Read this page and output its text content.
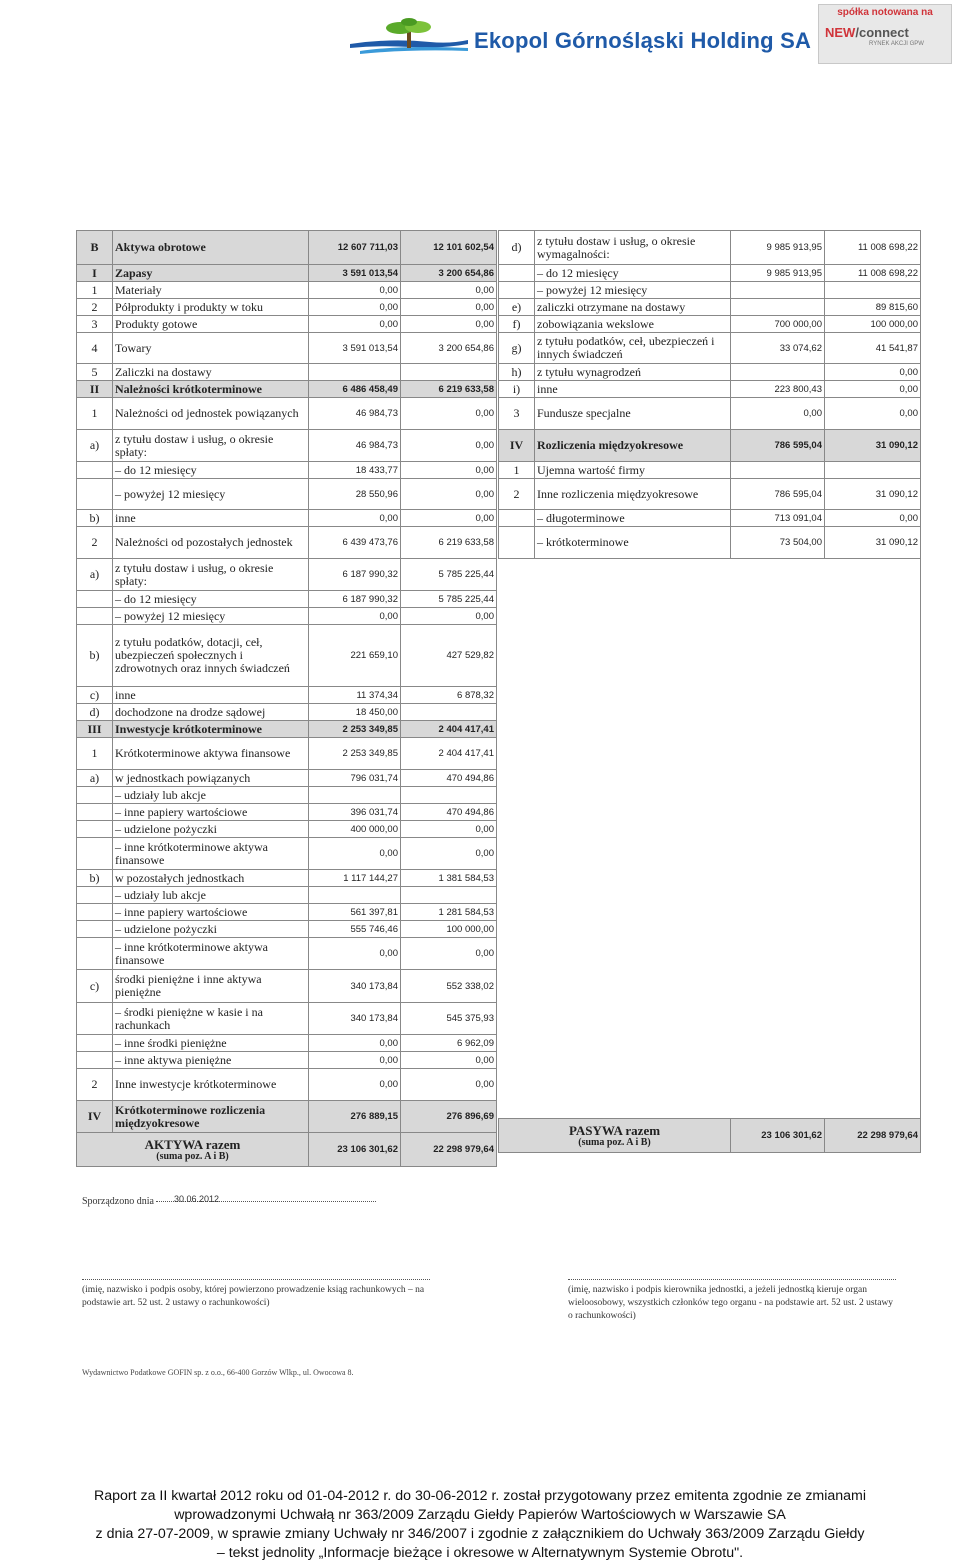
Ekopol Górnośląski Holding SA
spółka notowana na
NEW/connect
RYNEK AKCJI GPW
B	Aktywa obrotowe	12 607 711,03	12 101 602,54
I	Zapasy	3 591 013,54	3 200 654,86
1	Materiały	0,00	0,00
2	Półprodukty i produkty w toku	0,00	0,00
3	Produkty gotowe	0,00	0,00
4	Towary	3 591 013,54	3 200 654,86
5	Zaliczki na dostawy		
II	Należności krótkoterminowe	6 486 458,49	6 219 633,58
1	Należności od jednostek powiązanych	46 984,73	0,00
a)	z tytułu dostaw i usług, o okresie spłaty:	46 984,73	0,00
	– do 12 miesięcy	18 433,77	0,00
	– powyżej 12 miesięcy	28 550,96	0,00
b)	inne	0,00	0,00
2	Należności od pozostałych jednostek	6 439 473,76	6 219 633,58
a)	z tytułu dostaw i usług, o okresie spłaty:	6 187 990,32	5 785 225,44
	– do 12 miesięcy	6 187 990,32	5 785 225,44
	– powyżej 12 miesięcy	0,00	0,00
b)	z tytułu podatków, dotacji, ceł, ubezpieczeń społecznych i zdrowotnych oraz innych świadczeń	221 659,10	427 529,82
c)	inne	11 374,34	6 878,32
d)	dochodzone na drodze sądowej	18 450,00	
III	Inwestycje krótkoterminowe	2 253 349,85	2 404 417,41
1	Krótkoterminowe aktywa finansowe	2 253 349,85	2 404 417,41
a)	w jednostkach powiązanych	796 031,74	470 494,86
	– udziały lub akcje		
	– inne papiery wartościowe	396 031,74	470 494,86
	– udzielone pożyczki	400 000,00	0,00
	– inne krótkoterminowe aktywa finansowe	0,00	0,00
b)	w pozostałych jednostkach	1 117 144,27	1 381 584,53
	– udziały lub akcje		
	– inne papiery wartościowe	561 397,81	1 281 584,53
	– udzielone pożyczki	555 746,46	100 000,00
	– inne krótkoterminowe aktywa finansowe	0,00	0,00
c)	środki pieniężne i inne aktywa pieniężne	340 173,84	552 338,02
	– środki pieniężne w kasie i na rachunkach	340 173,84	545 375,93
	– inne środki pieniężne	0,00	6 962,09
	– inne aktywa pieniężne	0,00	0,00
2	Inne inwestycje krótkoterminowe	0,00	0,00
IV	Krótkoterminowe rozliczenia międzyokresowe	276 889,15	276 896,69

AKTYWA razem
(suma poz. A i B)		23 106 301,62	22 298 979,64
d)	z tytułu dostaw i usług, o okresie wymagalności:	9 985 913,95	11 008 698,22
	– do 12 miesięcy	9 985 913,95	11 008 698,22
	– powyżej 12 miesięcy		
e)	zaliczki otrzymane na dostawy		89 815,60
f)	zobowiązania wekslowe	700 000,00	100 000,00
g)	z tytułu podatków, ceł, ubezpieczeń i innych świadczeń	33 074,62	41 541,87
h)	z tytułu wynagrodzeń		0,00
i)	inne	223 800,43	0,00
3	Fundusze specjalne	0,00	0,00
IV	Rozliczenia międzyokresowe	786 595,04	31 090,12
1	Ujemna wartość firmy		
2	Inne rozliczenia międzyokresowe	786 595,04	31 090,12
	– długoterminowe	713 091,04	0,00
	– krótkoterminowe	73 504,00	31 090,12

PASYWA razem
(suma poz. A i B)		23 106 301,62	22 298 979,64
Sporządzono dnia 30.06.2012
(imię, nazwisko i podpis osoby, której powierzono prowadzenie ksiąg rachunkowych – na podstawie art. 52 ust. 2 ustawy o rachunkowości)
(imię, nazwisko i podpis kierownika jednostki, a jeżeli jednostką kieruje organ wieloosobowy, wszystkich członków tego organu - na podstawie art. 52 ust. 2 ustawy o rachunkowości)
Wydawnictwo Podatkowe GOFIN sp. z o.o., 66-400 Gorzów Wlkp., ul. Owocowa 8.
Raport za II kwartał 2012 roku od 01-04-2012 r. do 30-06-2012 r. został przygotowany przez emitenta zgodnie ze zmianami
wprowadzonymi Uchwałą nr 363/2009 Zarządu Giełdy Papierów Wartościowych w Warszawie SA
z dnia 27-07-2009, w sprawie zmiany Uchwały nr 346/2007 i zgodnie z załącznikiem do Uchwały 363/2009 Zarządu Giełdy
– tekst jednolity „Informacje bieżące i okresowe w Alternatywnym Systemie Obrotu".
